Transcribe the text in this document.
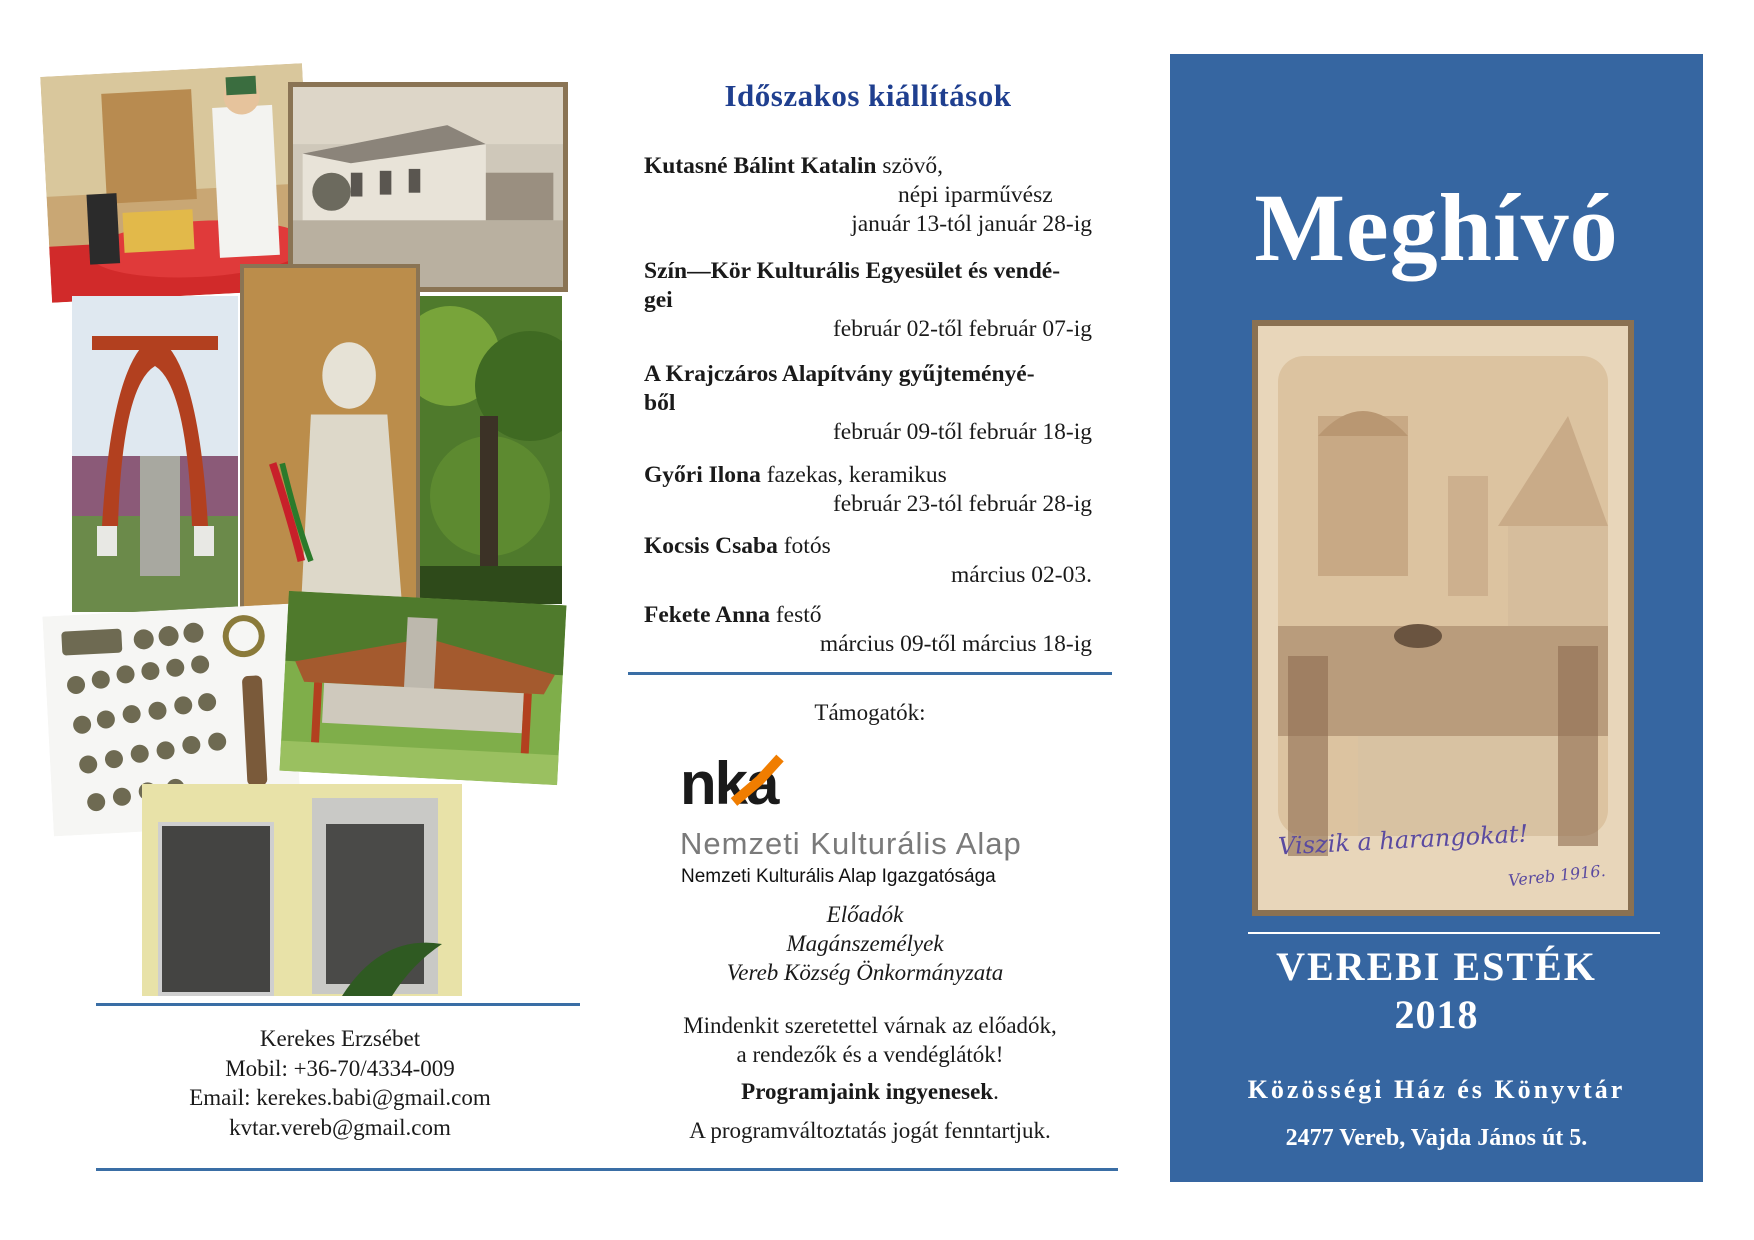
Kerekes Erzsébet
Mobil: +36-70/4334-009
Email: kerekes.babi@gmail.com
kvtar.vereb@gmail.com
Időszakos kiállítások
Kutasné Bálint Katalin szövő,
népi iparművész
január 13-tól január 28-ig
Szín—Kör Kulturális Egyesület és vendé-
gei
február 02-től február 07-ig
A Krajczáros Alapítvány gyűjteményé-
ből
február 09-től február 18-ig
Győri Ilona fazekas, keramikus
február 23-tól február 28-ig
Kocsis Csaba fotós
március 02-03.
Fekete Anna festő
március 09-től március 18-ig
Támogatók:
nka
Nemzeti Kulturális Alap
Nemzeti Kulturális Alap Igazgatósága
Előadók
Magánszemélyek
Vereb Község Önkormányzata
Mindenkit szeretettel várnak az előadók,
a rendezők és a vendéglátók!
Programjaink ingyenesek.
A programváltoztatás jogát fenntartjuk.
Meghívó
Viszik a harangokat!
Vereb 1916.
VEREBI ESTÉK
2018
Közösségi Ház és Könyvtár
2477 Vereb, Vajda János út 5.
